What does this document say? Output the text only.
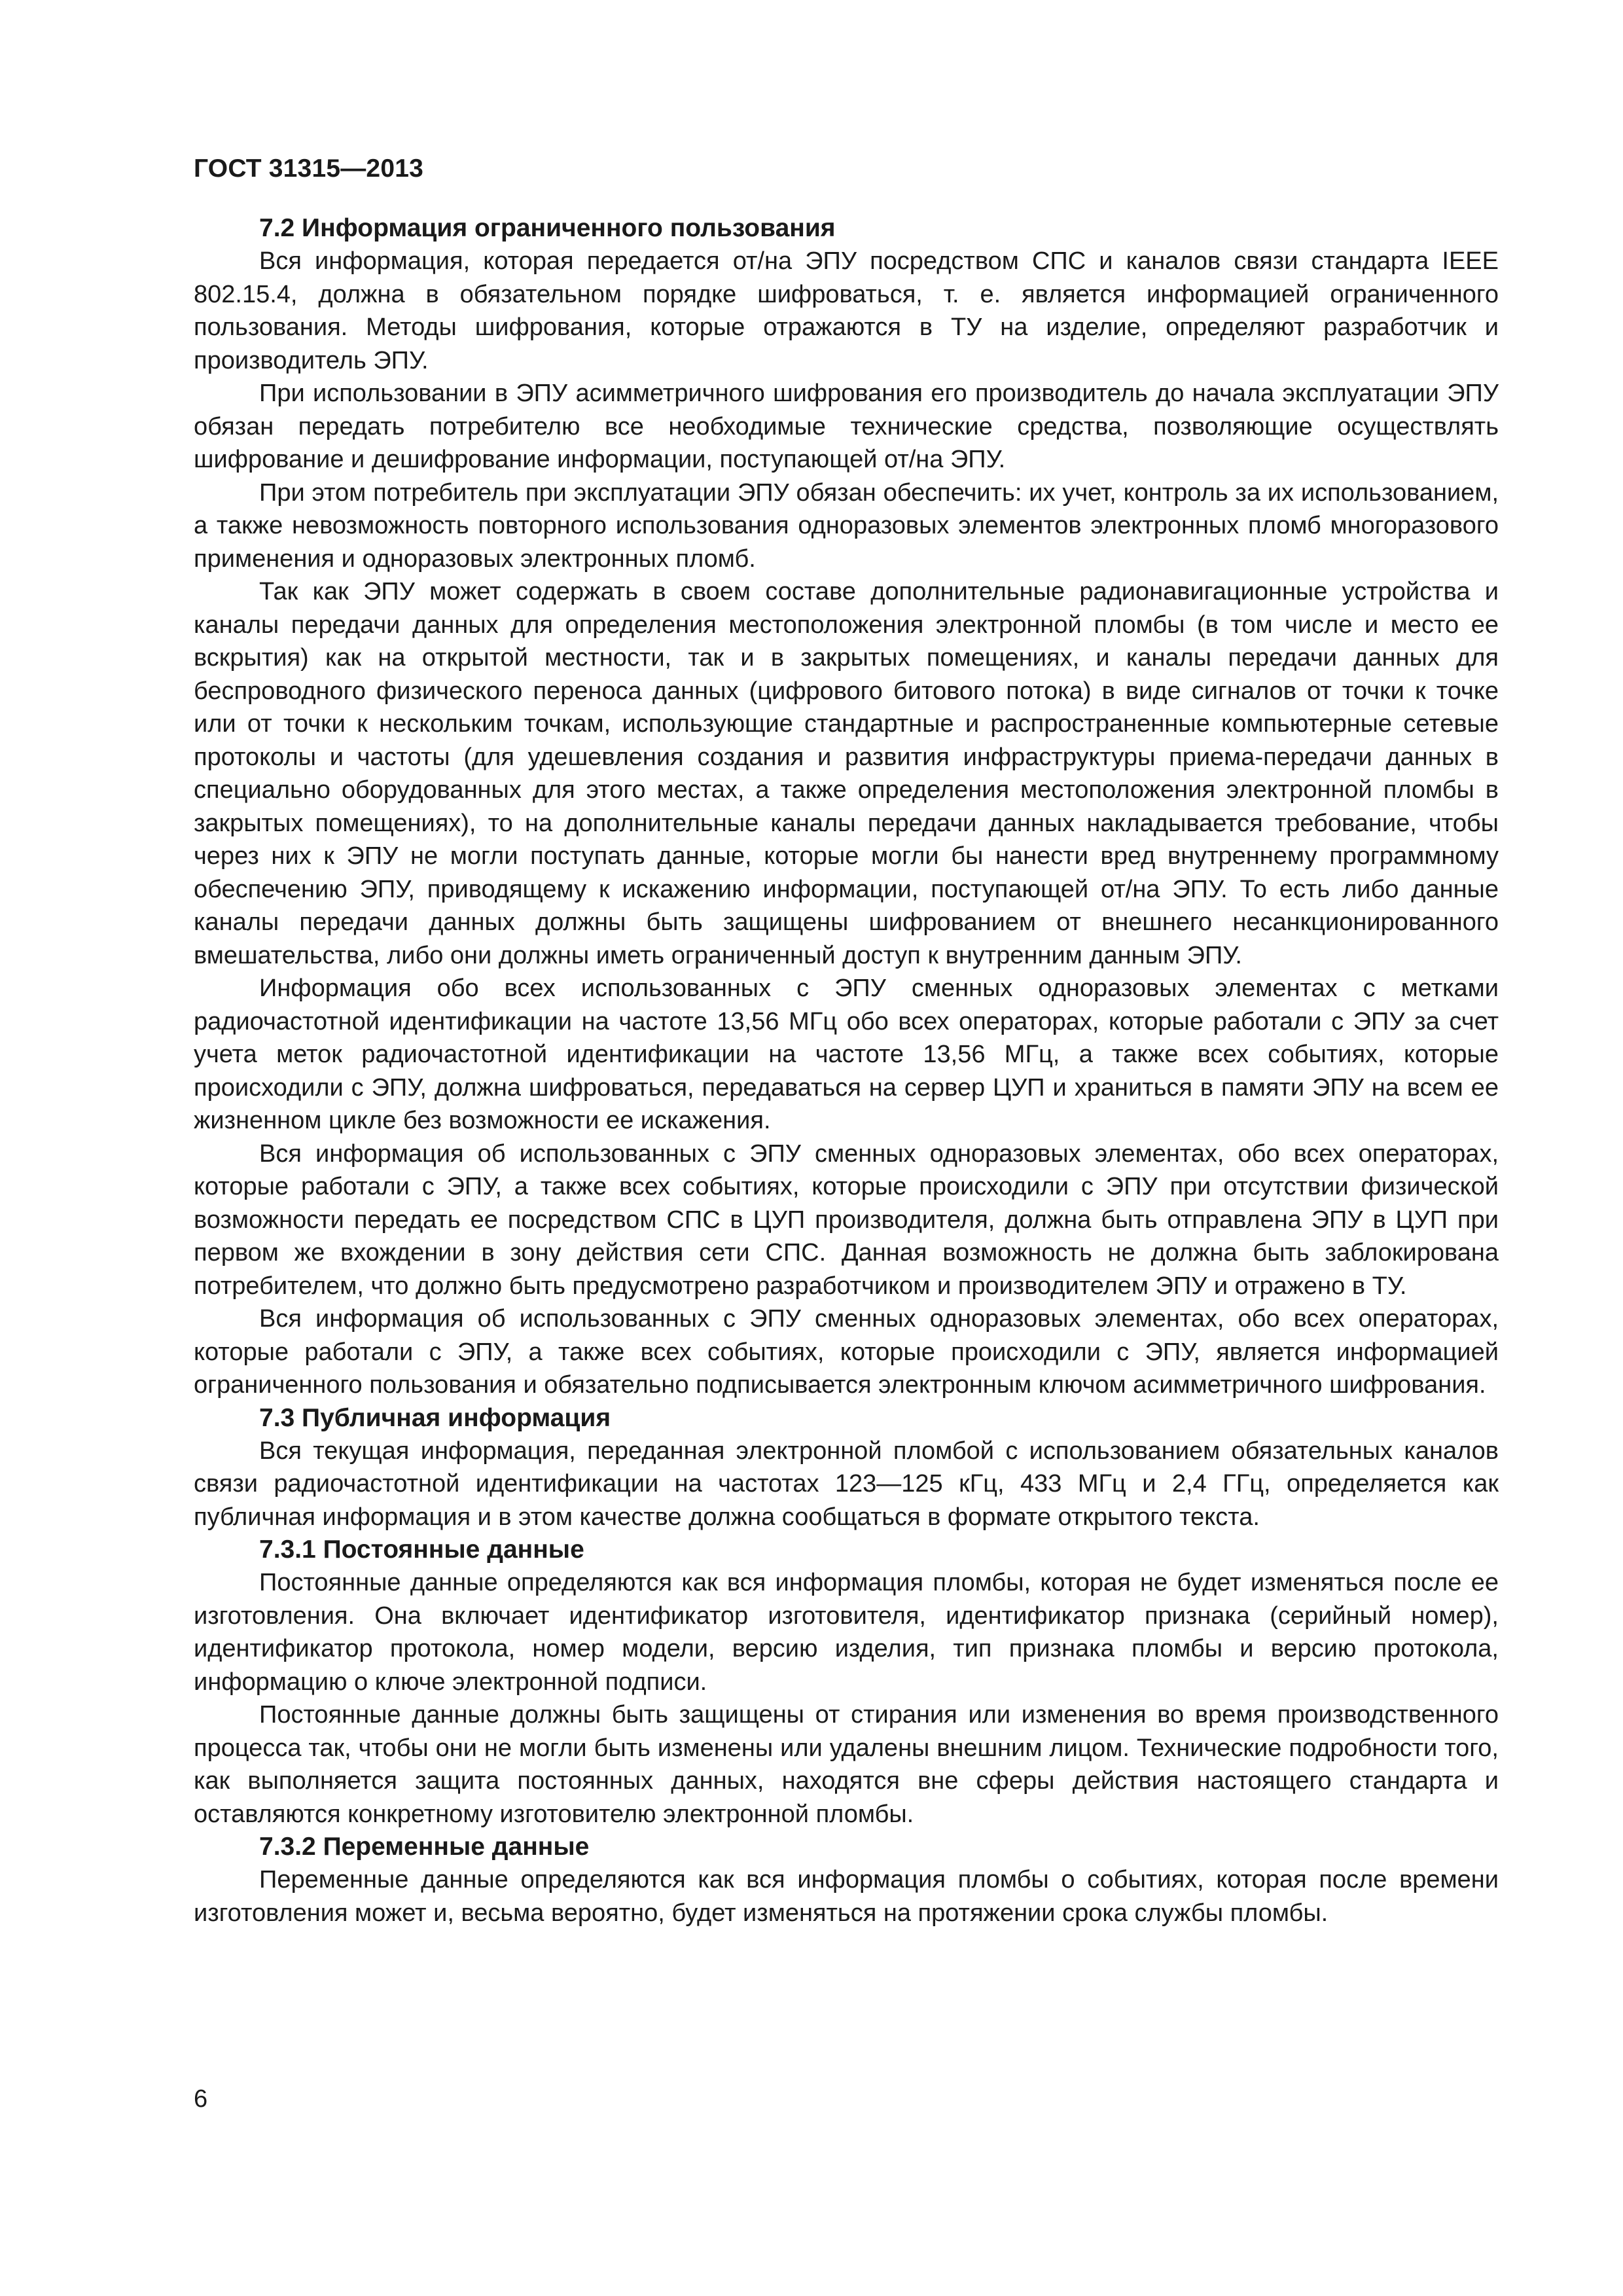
ГОСТ 31315—2013
7.2 Информация ограниченного пользования

Вся информация, которая передается от/на ЭПУ посредством СПС и каналов связи стандарта IEEE 802.15.4, должна в обязательном порядке шифроваться, т. е. является информацией ограниченного пользования. Методы шифрования, которые отражаются в ТУ на изделие, определяют разработчик и производитель ЭПУ.

При использовании в ЭПУ асимметричного шифрования его производитель до начала эксплуатации ЭПУ обязан передать потребителю все необходимые технические средства, позволяющие осуществлять шифрование и дешифрование информации, поступающей от/на ЭПУ.

При этом потребитель при эксплуатации ЭПУ обязан обеспечить: их учет, контроль за их использованием, а также невозможность повторного использования одноразовых элементов электронных пломб многоразового применения и одноразовых электронных пломб.

Так как ЭПУ может содержать в своем составе дополнительные радионавигационные устройства и каналы передачи данных для определения местоположения электронной пломбы (в том числе и место ее вскрытия) как на открытой местности, так и в закрытых помещениях, и каналы передачи данных для беспроводного физического переноса данных (цифрового битового потока) в виде сигналов от точки к точке или от точки к нескольким точкам, использующие стандартные и распространенные компьютерные сетевые протоколы и частоты (для удешевления создания и развития инфраструктуры приема-передачи данных в специально оборудованных для этого местах, а также определения местоположения электронной пломбы в закрытых помещениях), то на дополнительные каналы передачи данных накладывается требование, чтобы через них к ЭПУ не могли поступать данные, которые могли бы нанести вред внутреннему программному обеспечению ЭПУ, приводящему к искажению информации, поступающей от/на ЭПУ. То есть либо данные каналы передачи данных должны быть защищены шифрованием от внешнего несанкционированного вмешательства, либо они должны иметь ограниченный доступ к внутренним данным ЭПУ.

Информация обо всех использованных с ЭПУ сменных одноразовых элементах с метками радиочастотной идентификации на частоте 13,56 МГц обо всех операторах, которые работали с ЭПУ за счет учета меток радиочастотной идентификации на частоте 13,56 МГц, а также всех событиях, которые происходили с ЭПУ, должна шифроваться, передаваться на сервер ЦУП и храниться в памяти ЭПУ на всем ее жизненном цикле без возможности ее искажения.

Вся информация об использованных с ЭПУ сменных одноразовых элементах, обо всех операторах, которые работали с ЭПУ, а также всех событиях, которые происходили с ЭПУ при отсутствии физической возможности передать ее посредством СПС в ЦУП производителя, должна быть отправлена ЭПУ в ЦУП при первом же вхождении в зону действия сети СПС. Данная возможность не должна быть заблокирована потребителем, что должно быть предусмотрено разработчиком и производителем ЭПУ и отражено в ТУ.

Вся информация об использованных с ЭПУ сменных одноразовых элементах, обо всех операторах, которые работали с ЭПУ, а также всех событиях, которые происходили с ЭПУ, является информацией ограниченного пользования и обязательно подписывается электронным ключом асимметричного шифрования.

7.3 Публичная информация

Вся текущая информация, переданная электронной пломбой с использованием обязательных каналов связи радиочастотной идентификации на частотах 123—125 кГц, 433 МГц и 2,4 ГГц, определяется как публичная информация и в этом качестве должна сообщаться в формате открытого текста.

7.3.1 Постоянные данные

Постоянные данные определяются как вся информация пломбы, которая не будет изменяться после ее изготовления. Она включает идентификатор изготовителя, идентификатор признака (серийный номер), идентификатор протокола, номер модели, версию изделия, тип признака пломбы и версию протокола, информацию о ключе электронной подписи.

Постоянные данные должны быть защищены от стирания или изменения во время производственного процесса так, чтобы они не могли быть изменены или удалены внешним лицом. Технические подробности того, как выполняется защита постоянных данных, находятся вне сферы действия настоящего стандарта и оставляются конкретному изготовителю электронной пломбы.

7.3.2 Переменные данные

Переменные данные определяются как вся информация пломбы о событиях, которая после времени изготовления может и, весьма вероятно, будет изменяться на протяжении срока службы пломбы.

6
